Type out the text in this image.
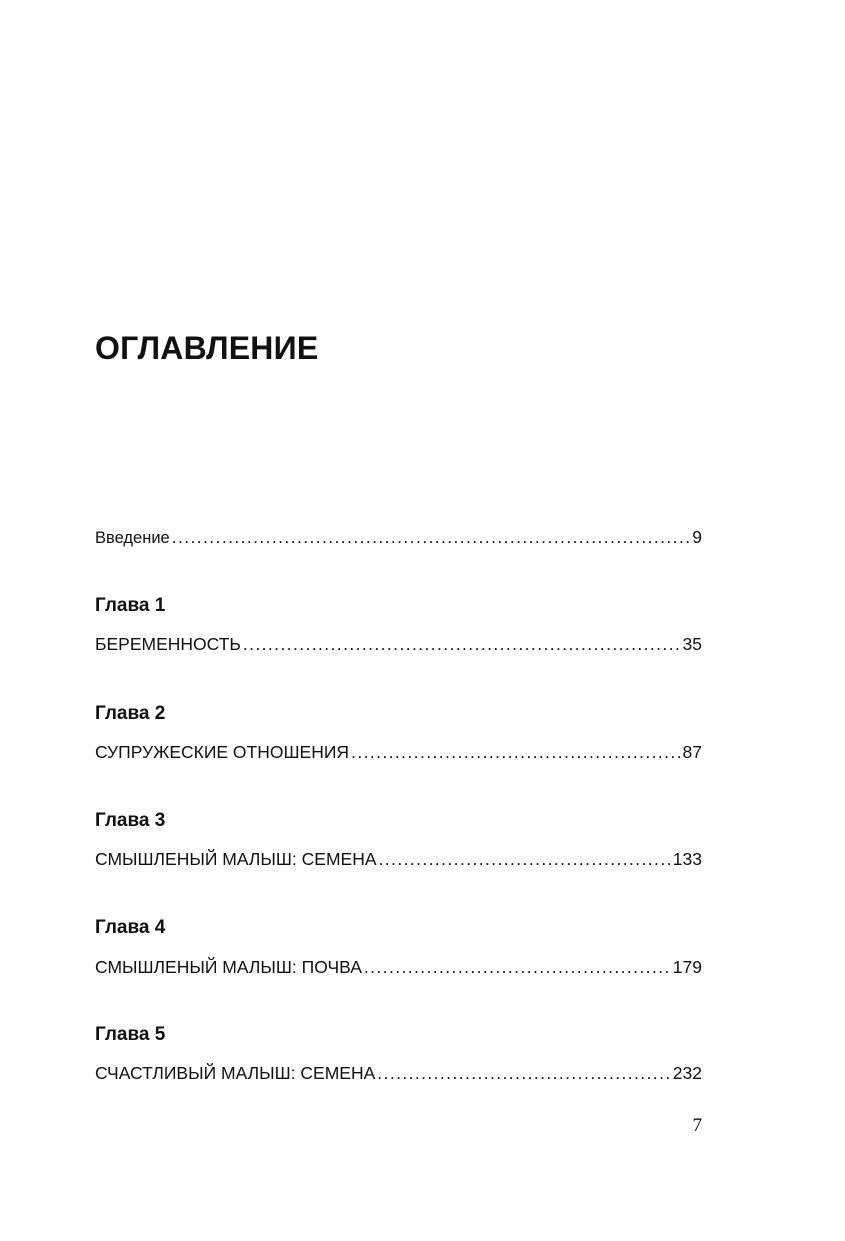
ОГЛАВЛЕНИЕ
Введение .....	9
Глава 1
БЕРЕМЕННОСТЬ .....	35
Глава 2
СУПРУЖЕСКИЕ ОТНОШЕНИЯ .....	87
Глава 3
СМЫШЛЕНЫЙ МАЛЫШ: СЕМЕНА .....	133
Глава 4
СМЫШЛЕНЫЙ МАЛЫШ: ПОЧВА .....	179
Глава 5
СЧАСТЛИВЫЙ МАЛЫШ: СЕМЕНА .....	232
7
